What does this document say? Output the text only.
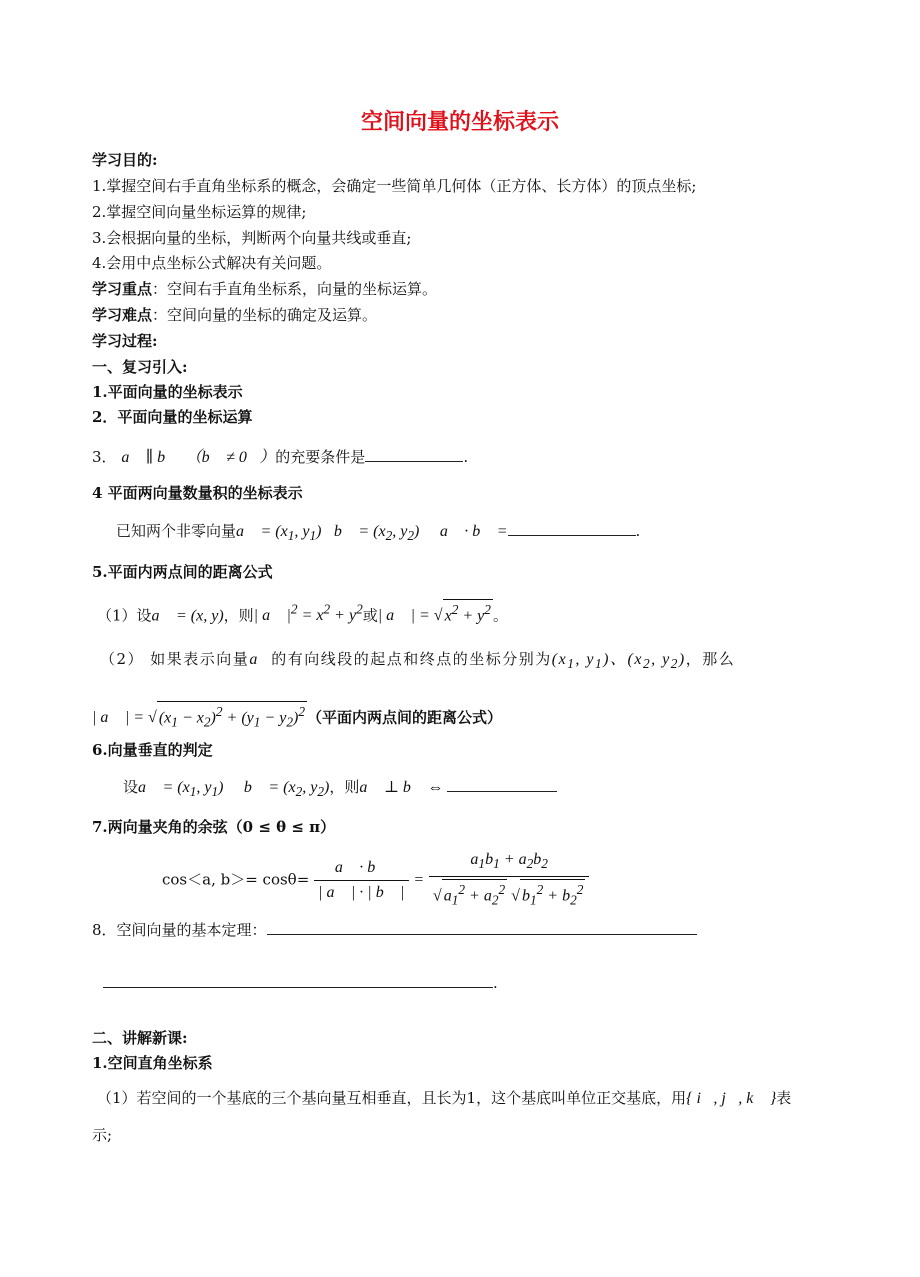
空间向量的坐标表示
学习目的:
1.掌握空间右手直角坐标系的概念，会确定一些简单几何体（正方体、长方体）的顶点坐标;
2.掌握空间向量坐标运算的规律;
3.会根据向量的坐标，判断两个向量共线或垂直;
4.会用中点坐标公式解决有关问题。
学习重点：空间右手直角坐标系，向量的坐标运算。
学习难点：空间向量的坐标的确定及运算。
学习过程:
一、复习引入:
1.平面向量的坐标表示
2．平面向量的坐标运算
3． a⃗ ∥ b⃗  （b⃗ ≠ 0⃗）的充要条件是	.
4 平面两向量数量积的坐标表示
已知两个非零向量a⃗ = ($x_1$, $y_1$)，b⃗ = ($x_2$, $y_2$)，  a⃗ · b⃗ =	.
5.平面内两点间的距离公式
（1）设a⃗ = (x, y)，则| a⃗ $|^2 = x^2 + y^2$或| a⃗ | = √ $x^2 + y^2$ 。
（2） 如果表示向量a⃗的有向线段的起点和终点的坐标分别为($x_1$, $y_1$)、($x_2$, $y_2$)，那么
| a⃗ | = √ $(x_1 - x_2)^2 + (y_1 - y_2)^2$ （平面内两点间的距离公式）
6.向量垂直的判定
设a⃗ = ($x_1$, $y_1$)，  b⃗ = ($x_2$, $y_2$)，则a⃗ ⊥ b⃗ ⇔
7.两向量夹角的余弦（0 ≤ θ ≤ π）
cos＜a, $b>= \cos\theta= \frac{a⃗ \cdot b⃗}{| a⃗ | \cdot | b⃗ |} = \frac{a_1b_1 + a_2b_2}{√ a_1^2 + a_2^2 √ b_1^2 + b_2^2}$
8．空间向量的基本定理：
.
二、讲解新课:
1.空间直角坐标系
（1）若空间的一个基底的三个基向量互相垂直，且长为1，这个基底叫单位正交基底，用{ i⃗, j⃗, k⃗ }表
示;
